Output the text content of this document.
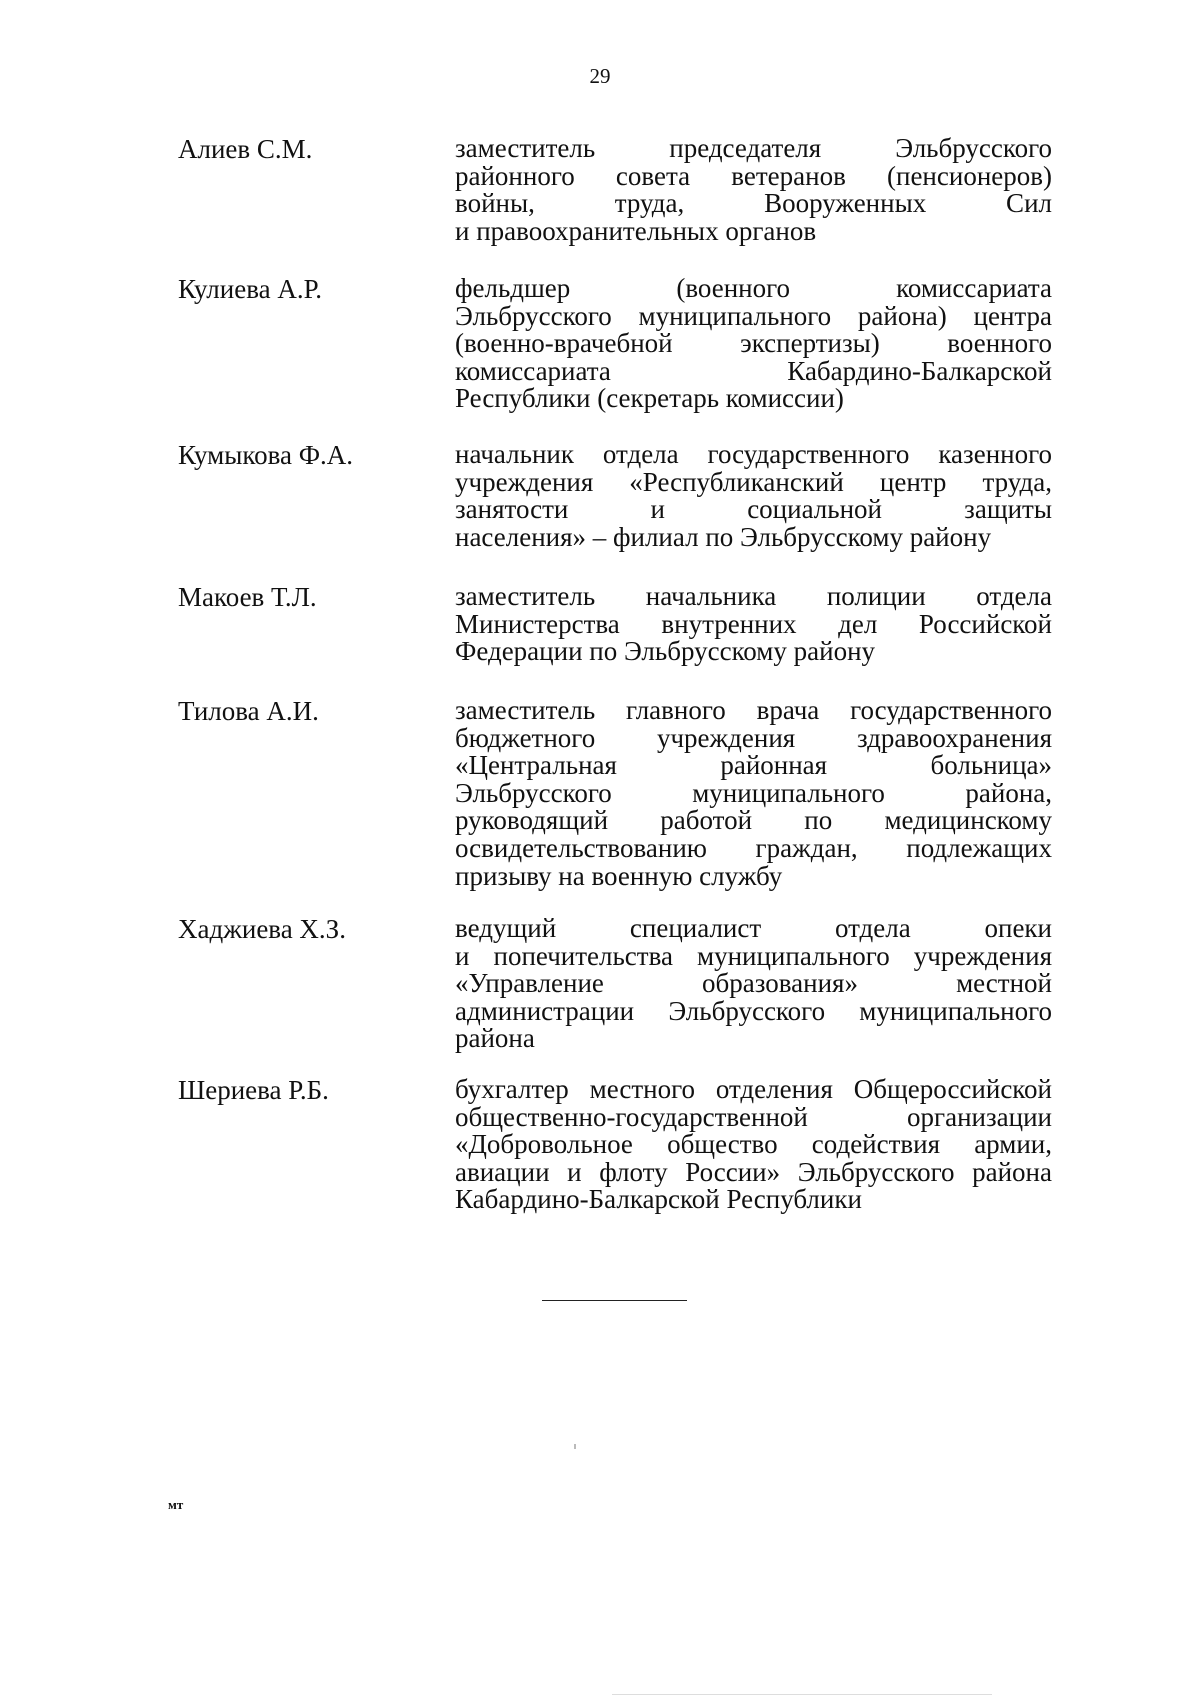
29
Алиев С.М.	заместитель председателя Эльбрусского
районного совета ветеранов (пенсионеров)
войны, труда, Вооруженных Сил
и правоохранительных органов
Кулиева А.Р.	фельдшер (военного комиссариата
Эльбрусского муниципального района) центра
(военно-врачебной экспертизы) военного
комиссариата Кабардино-Балкарской
Республики (секретарь комиссии)
Кумыкова Ф.А.	начальник отдела государственного казенного
учреждения «Республиканский центр труда,
занятости и социальной защиты
населения» – филиал по Эльбрусскому району
Макоев Т.Л.	заместитель начальника полиции отдела
Министерства внутренних дел Российской
Федерации по Эльбрусскому району
Тилова А.И.	заместитель главного врача государственного
бюджетного учреждения здравоохранения
«Центральная районная больница»
Эльбрусского муниципального района,
руководящий работой по медицинскому
освидетельствованию граждан, подлежащих
призыву на военную службу
Хаджиева Х.З.	ведущий специалист отдела опеки
и попечительства муниципального учреждения
«Управление образования» местной
администрации Эльбрусского муниципального
района
Шериева Р.Б.	бухгалтер местного отделения Общероссийской
общественно-государственной организации
«Добровольное общество содействия армии,
авиации и флоту России» Эльбрусского района
Кабардино-Балкарской Республики
мт
